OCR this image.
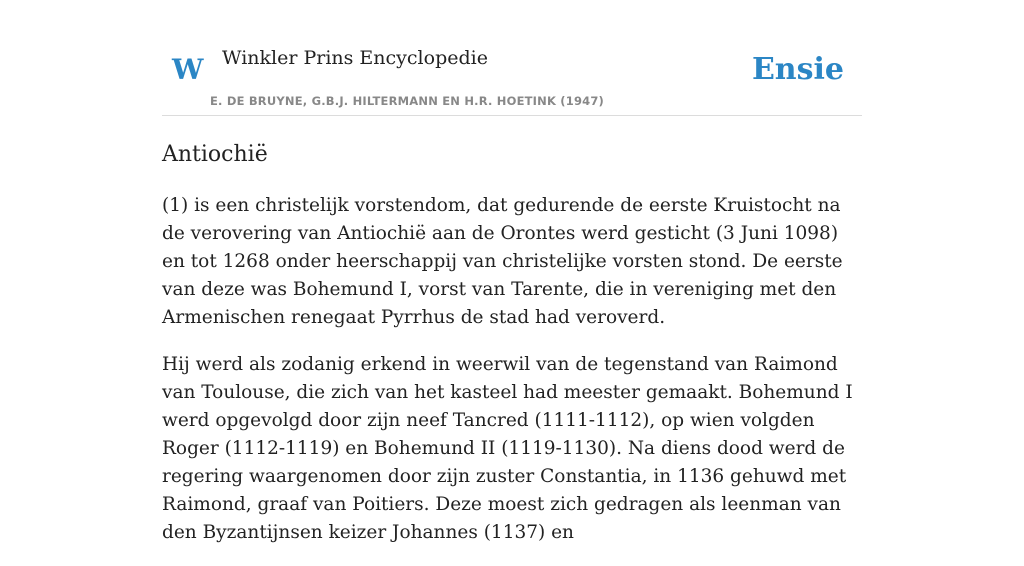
W Winkler Prins Encyclopedie
E. DE BRUYNE, G.B.J. HILTERMANN EN H.R. HOETINK (1947)
Ensie
Antiochië

(1) is een christelijk vorstendom, dat gedurende de eerste Kruistocht na de verovering van Antiochië aan de Orontes werd gesticht (3 Juni 1098) en tot 1268 onder heerschappij van christelijke vorsten stond. De eerste van deze was Bohemund I, vorst van Tarente, die in vereniging met den Armenischen renegaat Pyrrhus de stad had veroverd.

Hij werd als zodanig erkend in weerwil van de tegenstand van Raimond van Toulouse, die zich van het kasteel had meester gemaakt. Bohemund I werd opgevolgd door zijn neef Tancred (1111-1112), op wien volgden Roger (1112-1119) en Bohemund II (1119-1130). Na diens dood werd de regering waargenomen door zijn zuster Constantia, in 1136 gehuwd met Raimond, graaf van Poitiers. Deze moest zich gedragen als leenman van den Byzantijnsen keizer Johannes (1137) en
